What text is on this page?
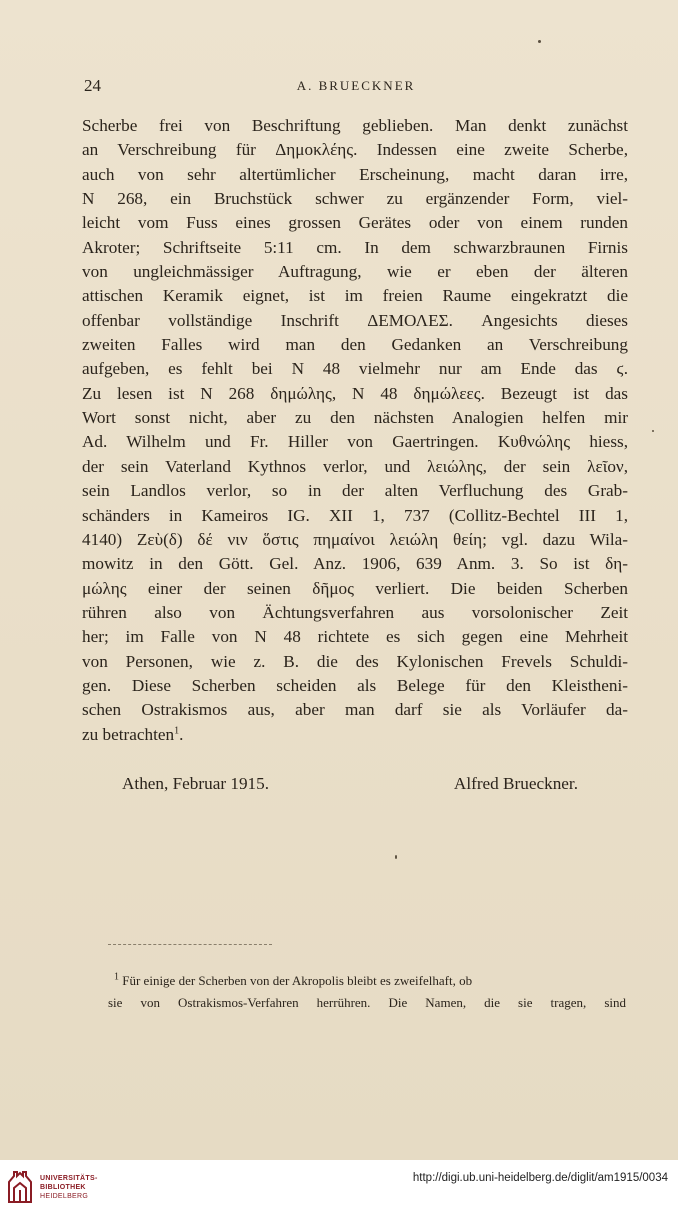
24	A. BRUECKNER
Scherbe frei von Beschriftung geblieben. Man denkt zunächst
an Verschreibung für Δημοκλέης. Indessen eine zweite Scherbe,
auch von sehr altertümlicher Erscheinung, macht daran irre,
N 268, ein Bruchstück schwer zu ergänzender Form, viel-
leicht vom Fuss eines grossen Gerätes oder von einem runden
Akroter; Schriftseite 5:11 cm. In dem schwarzbraunen Firnis
von ungleichmässiger Auftragung, wie er eben der älteren
attischen Keramik eignet, ist im freien Raume eingekratzt die
offenbar vollständige Inschrift ΔΕΜΟΛΕΣ. Angesichts dieses
zweiten Falles wird man den Gedanken an Verschreibung
aufgeben, es fehlt bei N 48 vielmehr nur am Ende das ϛ.
Zu lesen ist N 268 δημώλης, N 48 δημώλεες. Bezeugt ist das
Wort sonst nicht, aber zu den nächsten Analogien helfen mir
Ad. Wilhelm und Fr. Hiller von Gaertringen. Κυθνώλης hiess,
der sein Vaterland Kythnos verlor, und λειώλης, der sein λεῖον,
sein Landlos verlor, so in der alten Verfluchung des Grab-
schänders in Kameiros IG. XII 1, 737 (Collitz-Bechtel III 1,
4140) Ζεὺ(δ) δέ νιν ὅστις πημαίνοι λειώλη θείη; vgl. dazu Wila-
mowitz in den Gött. Gel. Anz. 1906, 639 Anm. 3. So ist δη-
μώλης einer der seinen δῆμος verliert. Die beiden Scherben
rühren also von Ächtungsverfahren aus vorsolonischer Zeit
her; im Falle von N 48 richtete es sich gegen eine Mehrheit
von Personen, wie z. B. die des Kylonischen Frevels Schuldi-
gen. Diese Scherben scheiden als Belege für den Kleistheni-
schen Ostrakismos aus, aber man darf sie als Vorläufer da-
zu betrachten$^1$.
Athen, Februar 1915.	Alfred Brueckner.
$^1$ Für einige der Scherben von der Akropolis bleibt es zweifelhaft, ob
sie von Ostrakismos-Verfahren herrühren. Die Namen, die sie tragen, sind
UNIVERSITÄTS-
BIBLIOTHEK
HEIDELBERG
http://digi.ub.uni-heidelberg.de/diglit/am1915/0034
